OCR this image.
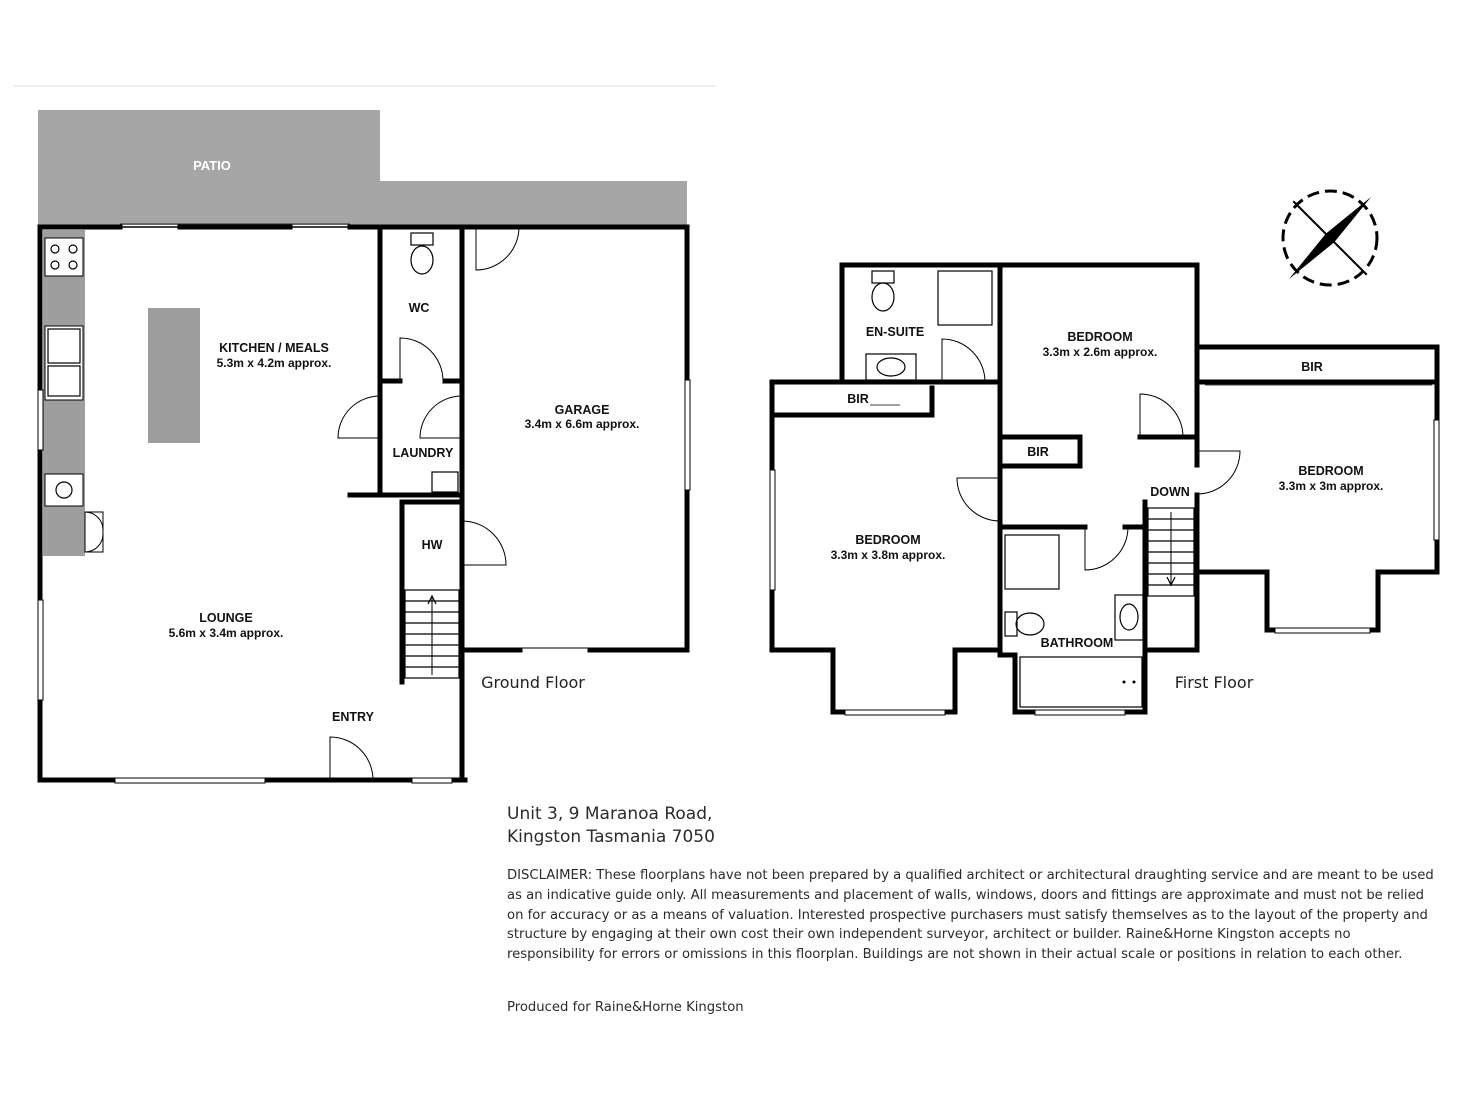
PATIO
WC
LAUNDRY
HW
KITCHEN / MEALS
5.3m x 4.2m approx.
GARAGE
3.4m x 6.6m approx.
LOUNGE
5.6m x 3.4m approx.
ENTRY
Ground Floor
EN-SUITE	BEDROOM
3.3m x 2.6m approx.
BIR
BIR
BEDROOM
3.3m x 3.8m approx.
DOWN
BATHROOM
BIR
BEDROOM
3.3m x 3m approx.
First Floor
N
Unit 3, 9 Maranoa Road,
Kingston Tasmania 7050
DISCLAIMER: These floorplans have not been prepared by a qualified architect or architectural draughting service and are meant to be used as an indicative guide only. All measurements and placement of walls, windows, doors and fittings are approximate and must not be relied on for accuracy or as a means of valuation. Interested prospective purchasers must satisfy themselves as to the layout of the property and structure by engaging at their own cost their own independent surveyor, architect or builder. Raine&Horne Kingston accepts no responsibility for errors or omissions in this floorplan. Buildings are not shown in their actual scale or positions in relation to each other.
Produced for Raine&Horne Kingston
